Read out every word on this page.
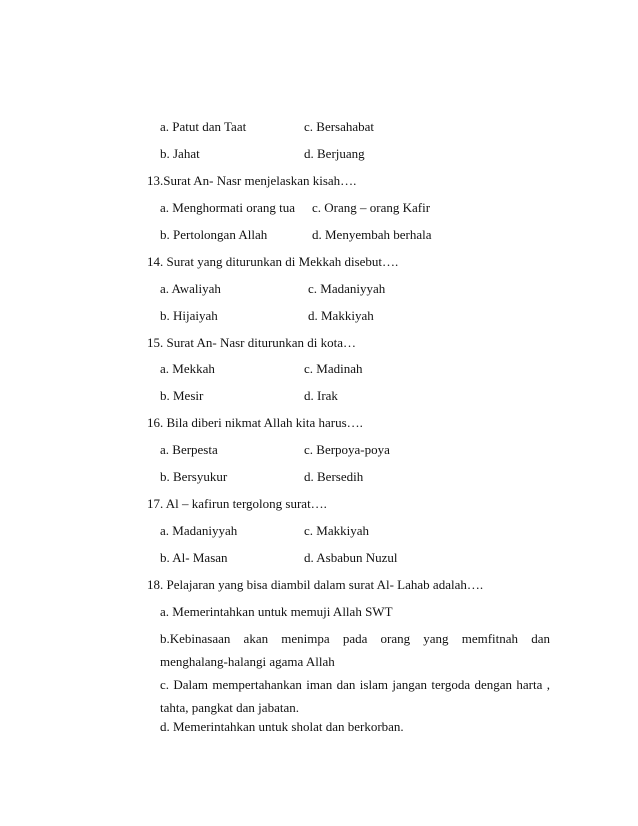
a. Patut dan Taat	c. Bersahabat
b. Jahat	d. Berjuang
13.Surat An- Nasr menjelaskan kisah….
a. Menghormati orang tua c. Orang – orang Kafir
b. Pertolongan Allah	d. Menyembah berhala
14. Surat yang diturunkan di Mekkah disebut….
a. Awaliyah	c. Madaniyyah
b. Hijaiyah	d. Makkiyah
15. Surat An- Nasr diturunkan di kota…
a. Mekkah	c. Madinah
b. Mesir	d. Irak
16. Bila diberi nikmat Allah kita harus….
a. Berpesta	c. Berpoya-poya
b. Bersyukur	d. Bersedih
17. Al – kafirun tergolong surat….
a. Madaniyyah	c. Makkiyah
b. Al- Masan	d. Asbabun Nuzul
18. Pelajaran yang bisa diambil dalam surat Al- Lahab adalah….
a. Memerintahkan untuk memuji Allah SWT
b.Kebinasaan akan menimpa pada orang yang memfitnah dan menghalang-halangi agama Allah
c. Dalam mempertahankan iman dan islam jangan tergoda dengan harta , tahta, pangkat dan jabatan.
d. Memerintahkan untuk sholat dan berkorban.
